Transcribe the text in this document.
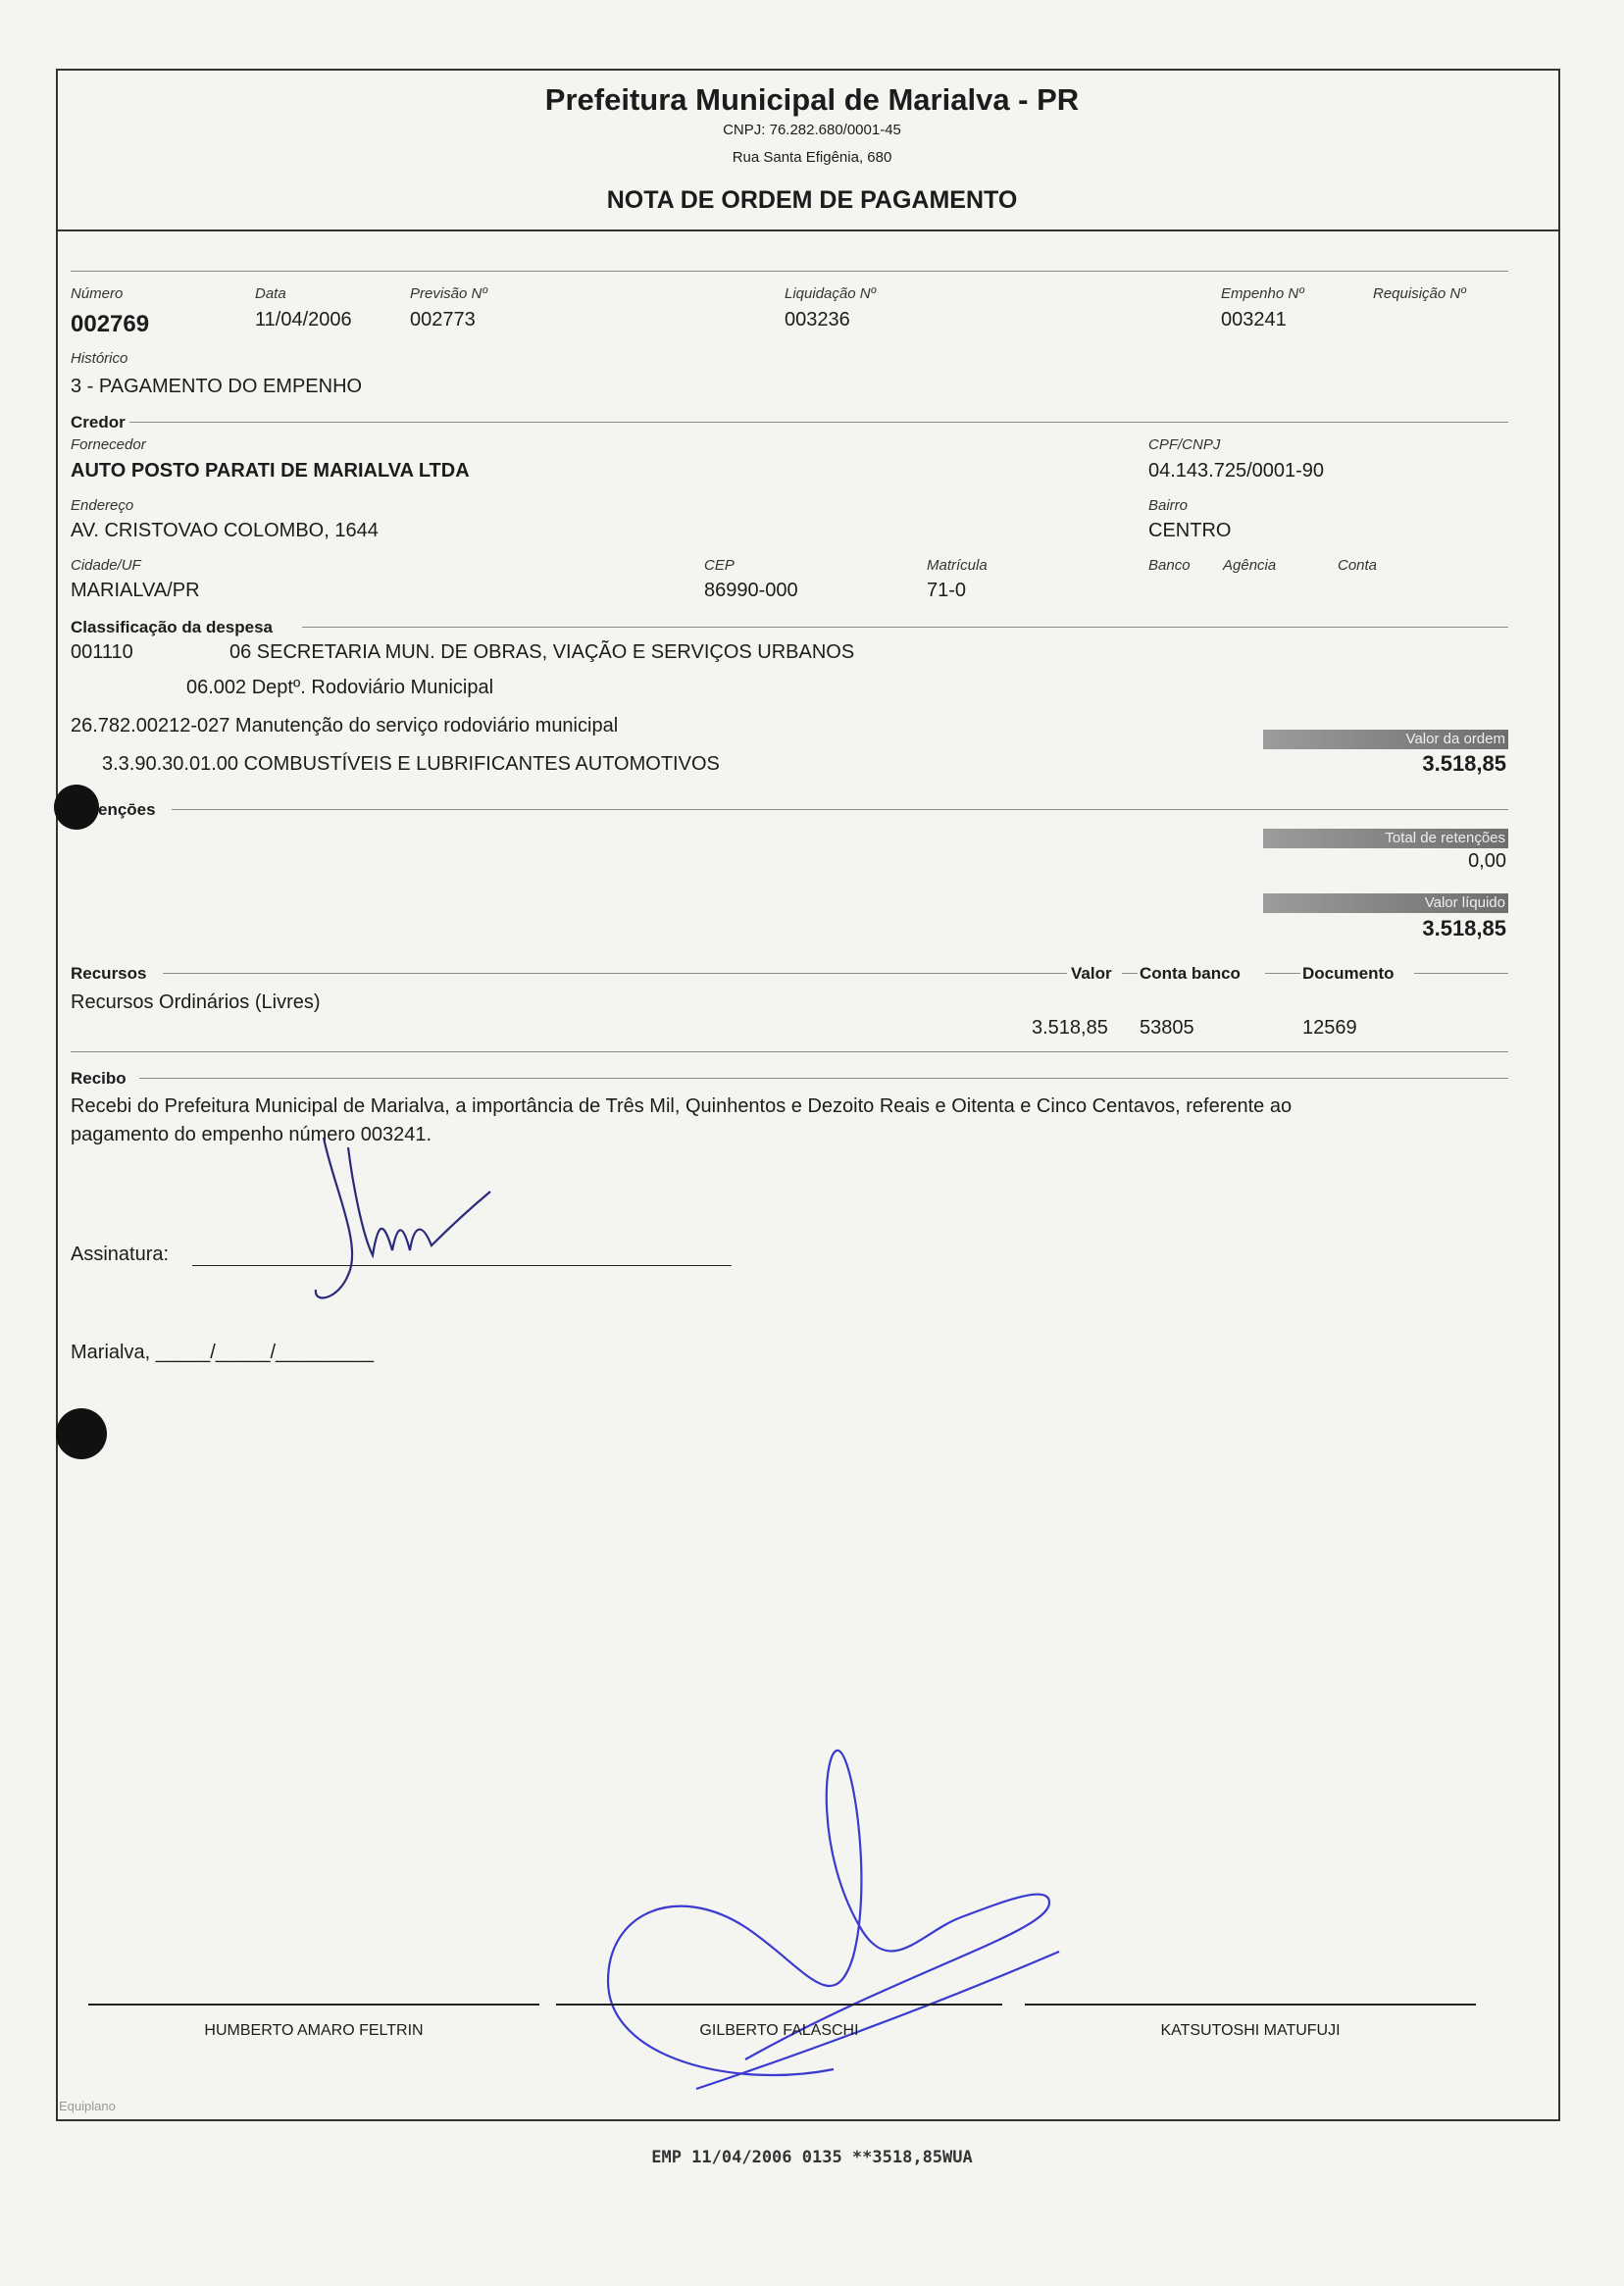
Prefeitura Municipal de Marialva - PR
CNPJ: 76.282.680/0001-45
Rua Santa Efigênia, 680
NOTA DE ORDEM DE PAGAMENTO
Número
002769
Data
11/04/2006
Previsão Nº
002773
Liquidação Nº
003236
Empenho Nº
003241
Requisição Nº
Histórico
3 - PAGAMENTO DO EMPENHO
Credor
Fornecedor
AUTO POSTO PARATI DE MARIALVA LTDA
CPF/CNPJ
04.143.725/0001-90
Endereço
AV. CRISTOVAO COLOMBO, 1644
Bairro
CENTRO
Cidade/UF
MARIALVA/PR
CEP
86990-000
Matrícula
71-0
Banco Agência	Conta
Classificação da despesa
001110	06 SECRETARIA MUN. DE OBRAS, VIAÇÃO E SERVIÇOS URBANOS
06.002 Deptº. Rodoviário Municipal
26.782.00212-027 Manutenção do serviço rodoviário municipal
3.3.90.30.01.00 COMBUSTÍVEIS E LUBRIFICANTES AUTOMOTIVOS
Valor da ordem
3.518,85
ençōes
Total de retenções
0,00
Valor líquido
3.518,85
Recursos	Valor Conta banco	Documento
Recursos Ordinários (Livres)
3.518,85 53805	12569
Recibo
Recebi do Prefeitura Municipal de Marialva, a importância de Três Mil, Quinhentos e Dezoito Reais e Oitenta e Cinco Centavos, referente ao
pagamento do empenho número 003241.
Assinatura:
Marialva, _____/_____/_________
HUMBERTO AMARO FELTRIN	GILBERTO FALASCHI	KATSUTOSHI MATUFUJI
Equiplano
EMP 11/04/2006 0135 **3518,85WUA
